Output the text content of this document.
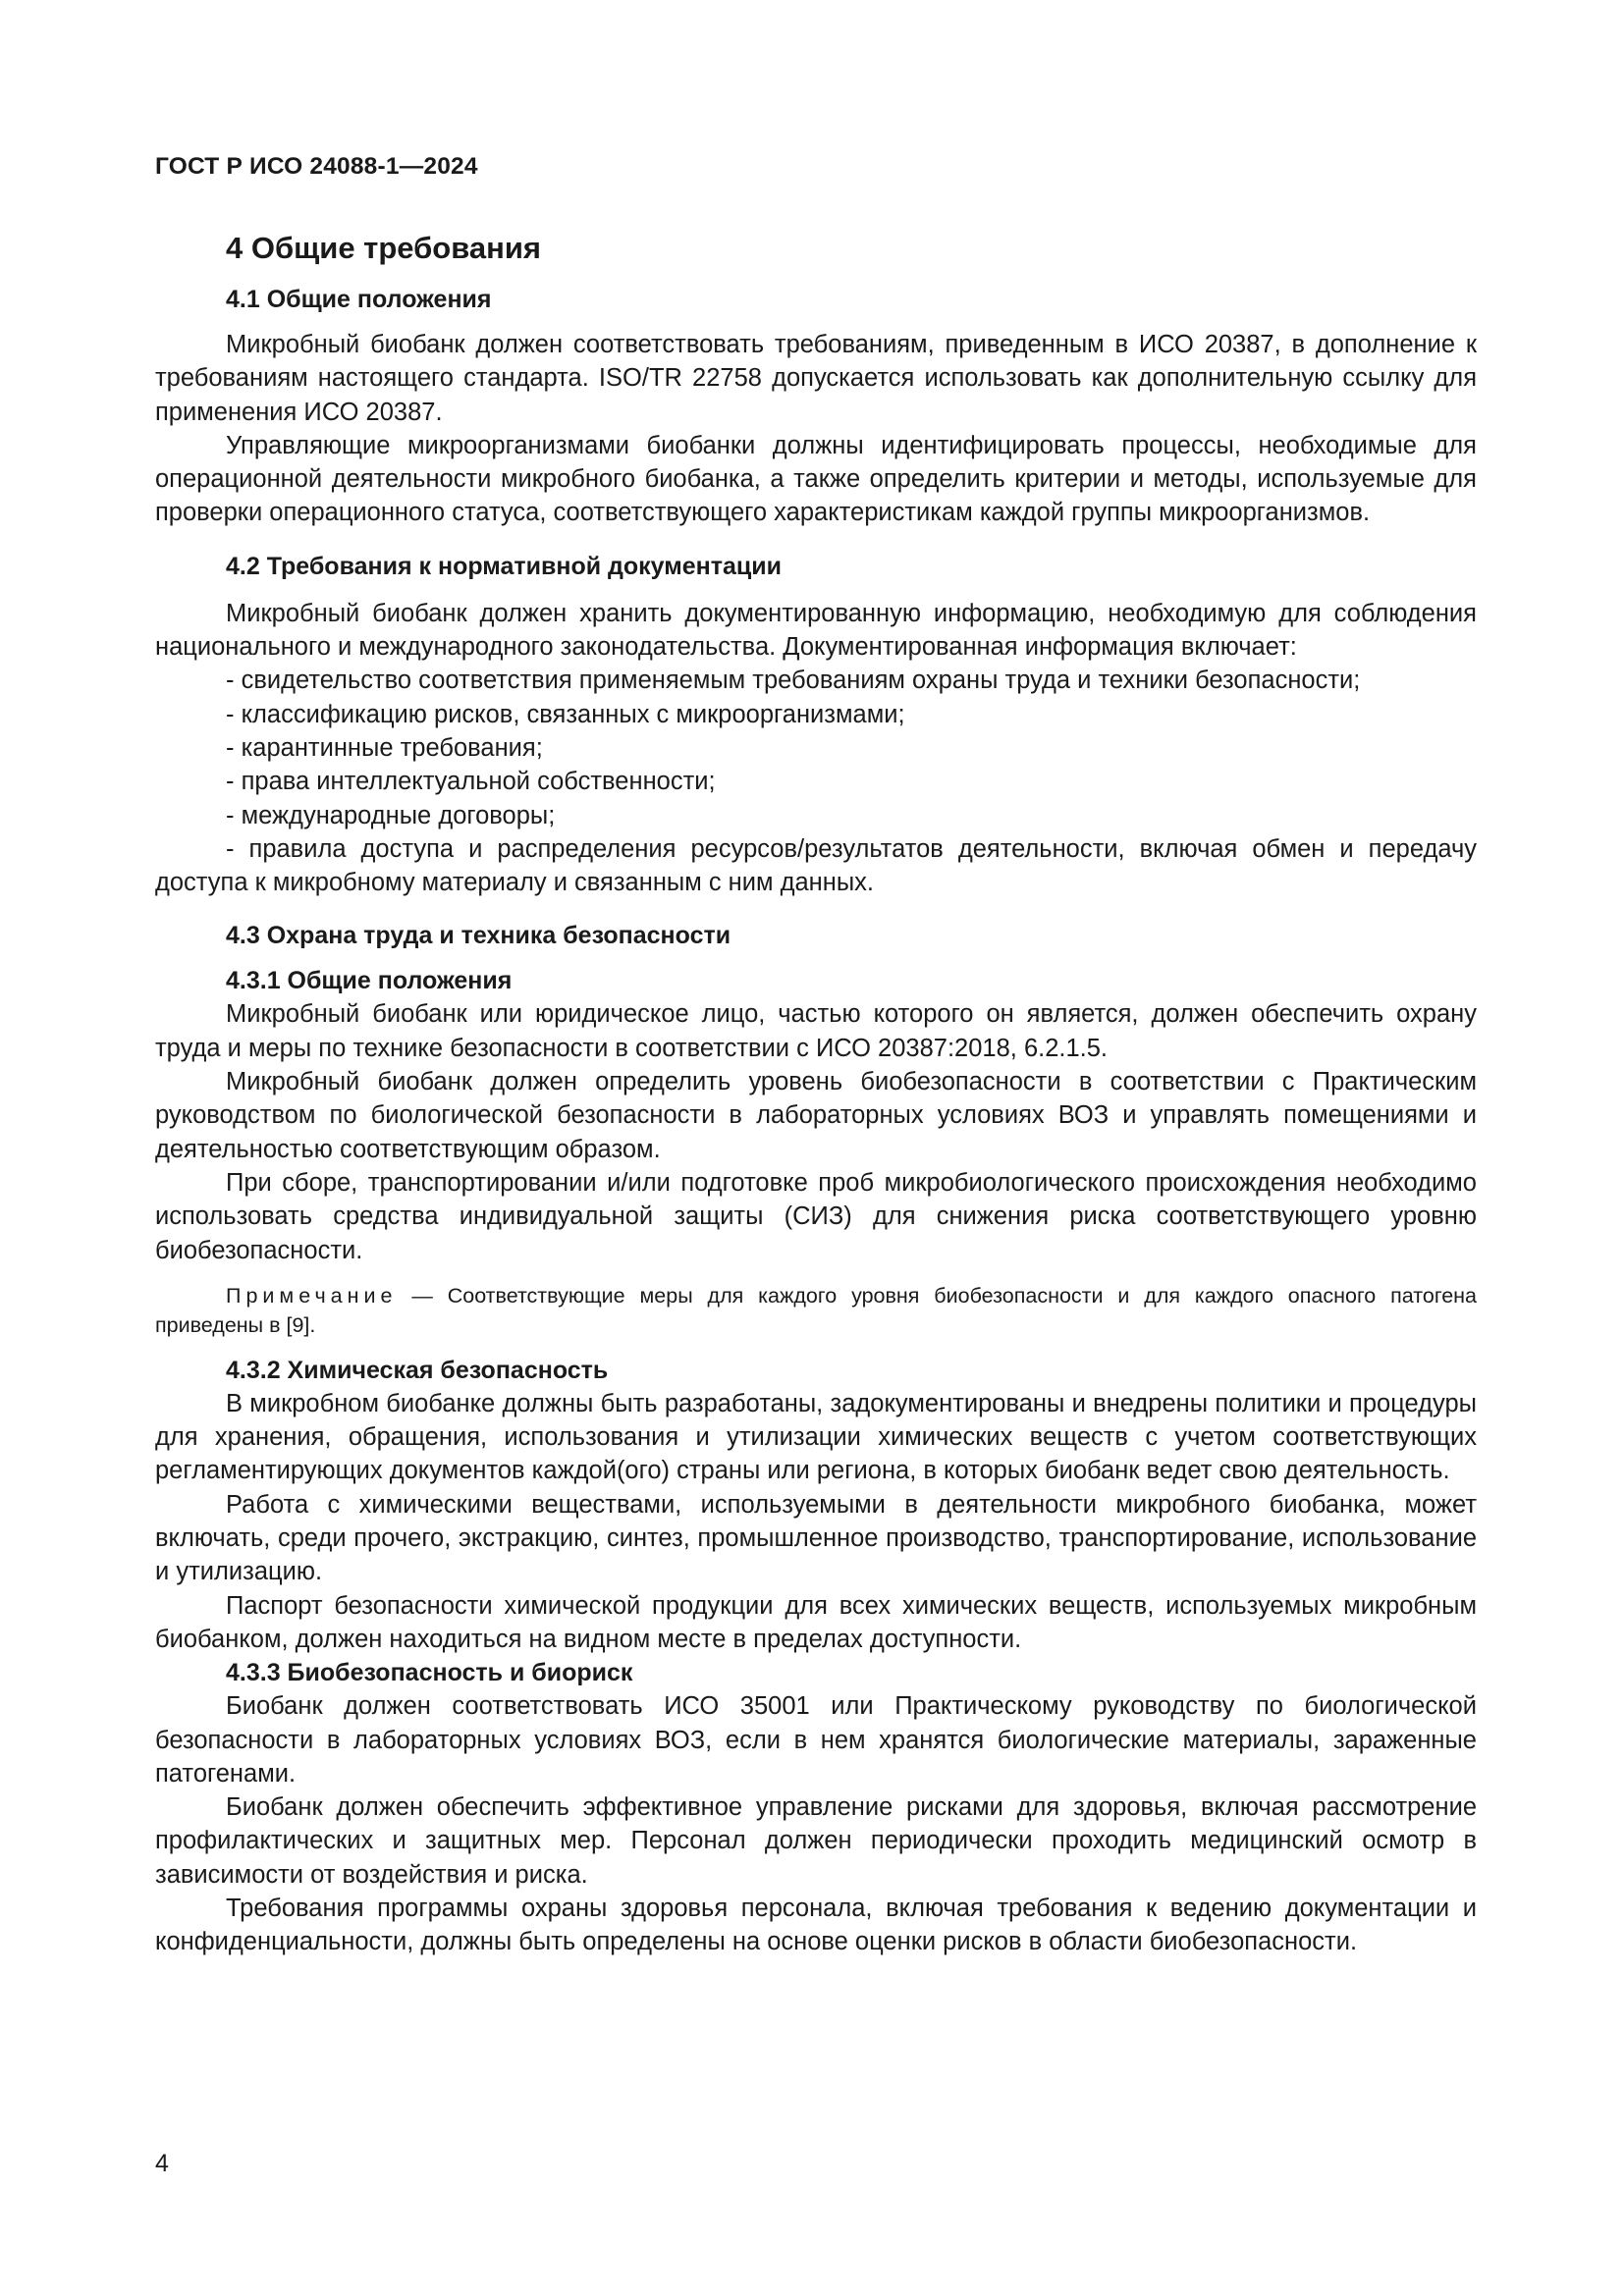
ГОСТ Р ИСО 24088-1—2024
4 Общие требования
4.1 Общие положения

Микробный биобанк должен соответствовать требованиям, приведенным в ИСО 20387, в дополнение к требованиям настоящего стандарта. ISO/TR 22758 допускается использовать как дополнительную ссылку для применения ИСО 20387.

Управляющие микроорганизмами биобанки должны идентифицировать процессы, необходимые для операционной деятельности микробного биобанка, а также определить критерии и методы, используемые для проверки операционного статуса, соответствующего характеристикам каждой группы микроорганизмов.

4.2 Требования к нормативной документации

Микробный биобанк должен хранить документированную информацию, необходимую для соблюдения национального и международного законодательства. Документированная информация включает:

- свидетельство соответствия применяемым требованиям охраны труда и техники безопасности;

- классификацию рисков, связанных с микроорганизмами;

- карантинные требования;

- права интеллектуальной собственности;

- международные договоры;

- правила доступа и распределения ресурсов/результатов деятельности, включая обмен и передачу доступа к микробному материалу и связанным с ним данных.

4.3 Охрана труда и техника безопасности
4.3.1 Общие положения

Микробный биобанк или юридическое лицо, частью которого он является, должен обеспечить охрану труда и меры по технике безопасности в соответствии с ИСО 20387:2018, 6.2.1.5.

Микробный биобанк должен определить уровень биобезопасности в соответствии с Практическим руководством по биологической безопасности в лабораторных условиях ВОЗ и управлять помещениями и деятельностью соответствующим образом.

При сборе, транспортировании и/или подготовке проб микробиологического происхождения необходимо использовать средства индивидуальной защиты (СИЗ) для снижения риска соответствующего уровню биобезопасности.

Примечание — Соответствующие меры для каждого уровня биобезопасности и для каждого опасного патогена приведены в [9].
4.3.2 Химическая безопасность

В микробном биобанке должны быть разработаны, задокументированы и внедрены политики и процедуры для хранения, обращения, использования и утилизации химических веществ с учетом соответствующих регламентирующих документов каждой(ого) страны или региона, в которых биобанк ведет свою деятельность.

Работа с химическими веществами, используемыми в деятельности микробного биобанка, может включать, среди прочего, экстракцию, синтез, промышленное производство, транспортирование, использование и утилизацию.

Паспорт безопасности химической продукции для всех химических веществ, используемых микробным биобанком, должен находиться на видном месте в пределах доступности.

4.3.3 Биобезопасность и биориск

Биобанк должен соответствовать ИСО 35001 или Практическому руководству по биологической безопасности в лабораторных условиях ВОЗ, если в нем хранятся биологические материалы, зараженные патогенами.

Биобанк должен обеспечить эффективное управление рисками для здоровья, включая рассмотрение профилактических и защитных мер. Персонал должен периодически проходить медицинский осмотр в зависимости от воздействия и риска.

Требования программы охраны здоровья персонала, включая требования к ведению документации и конфиденциальности, должны быть определены на основе оценки рисков в области биобезопасности.

4
